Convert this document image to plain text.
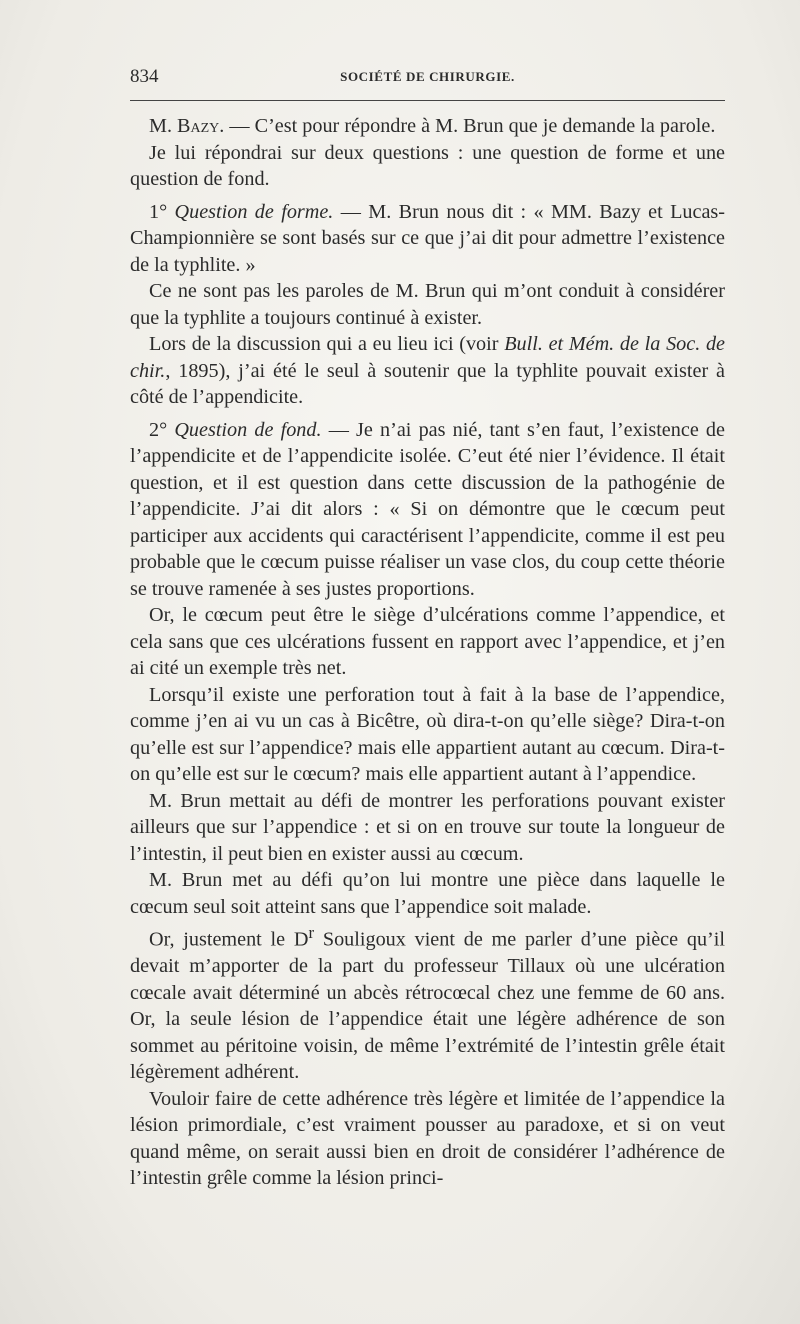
834	SOCIÉTÉ DE CHIRURGIE.

M. Bazy. — C’est pour répondre à M. Brun que je demande la parole.

Je lui répondrai sur deux questions : une question de forme et une question de fond.

1° Question de forme. — M. Brun nous dit : « MM. Bazy et Lucas-Championnière se sont basés sur ce que j’ai dit pour admettre l’existence de la typhlite. »

Ce ne sont pas les paroles de M. Brun qui m’ont conduit à considérer que la typhlite a toujours continué à exister.

Lors de la discussion qui a eu lieu ici (voir Bull. et Mém. de la Soc. de chir., 1895), j’ai été le seul à soutenir que la typhlite pouvait exister à côté de l’appendicite.

2° Question de fond. — Je n’ai pas nié, tant s’en faut, l’existence de l’appendicite et de l’appendicite isolée. C’eut été nier l’évidence. Il était question, et il est question dans cette discussion de la pathogénie de l’appendicite. J’ai dit alors : « Si on démontre que le cœcum peut participer aux accidents qui caractérisent l’appendicite, comme il est peu probable que le cœcum puisse réaliser un vase clos, du coup cette théorie se trouve ramenée à ses justes proportions.

Or, le cœcum peut être le siège d’ulcérations comme l’appendice, et cela sans que ces ulcérations fussent en rapport avec l’appendice, et j’en ai cité un exemple très net.

Lorsqu’il existe une perforation tout à fait à la base de l’appendice, comme j’en ai vu un cas à Bicêtre, où dira-t-on qu’elle siège? Dira-t-on qu’elle est sur l’appendice? mais elle appartient autant au cœcum. Dira-t-on qu’elle est sur le cœcum? mais elle appartient autant à l’appendice.

M. Brun mettait au défi de montrer les perforations pouvant exister ailleurs que sur l’appendice : et si on en trouve sur toute la longueur de l’intestin, il peut bien en exister aussi au cœcum.

M. Brun met au défi qu’on lui montre une pièce dans laquelle le cœcum seul soit atteint sans que l’appendice soit malade.

Or, justement le $D^r$ Souligoux vient de me parler d’une pièce qu’il devait m’apporter de la part du professeur Tillaux où une ulcération cœcale avait déterminé un abcès rétrocœcal chez une femme de 60 ans. Or, la seule lésion de l’appendice était une légère adhérence de son sommet au péritoine voisin, de même l’extrémité de l’intestin grêle était légèrement adhérent.

Vouloir faire de cette adhérence très légère et limitée de l’appendice la lésion primordiale, c’est vraiment pousser au paradoxe, et si on veut quand même, on serait aussi bien en droit de considérer l’adhérence de l’intestin grêle comme la lésion princi-
